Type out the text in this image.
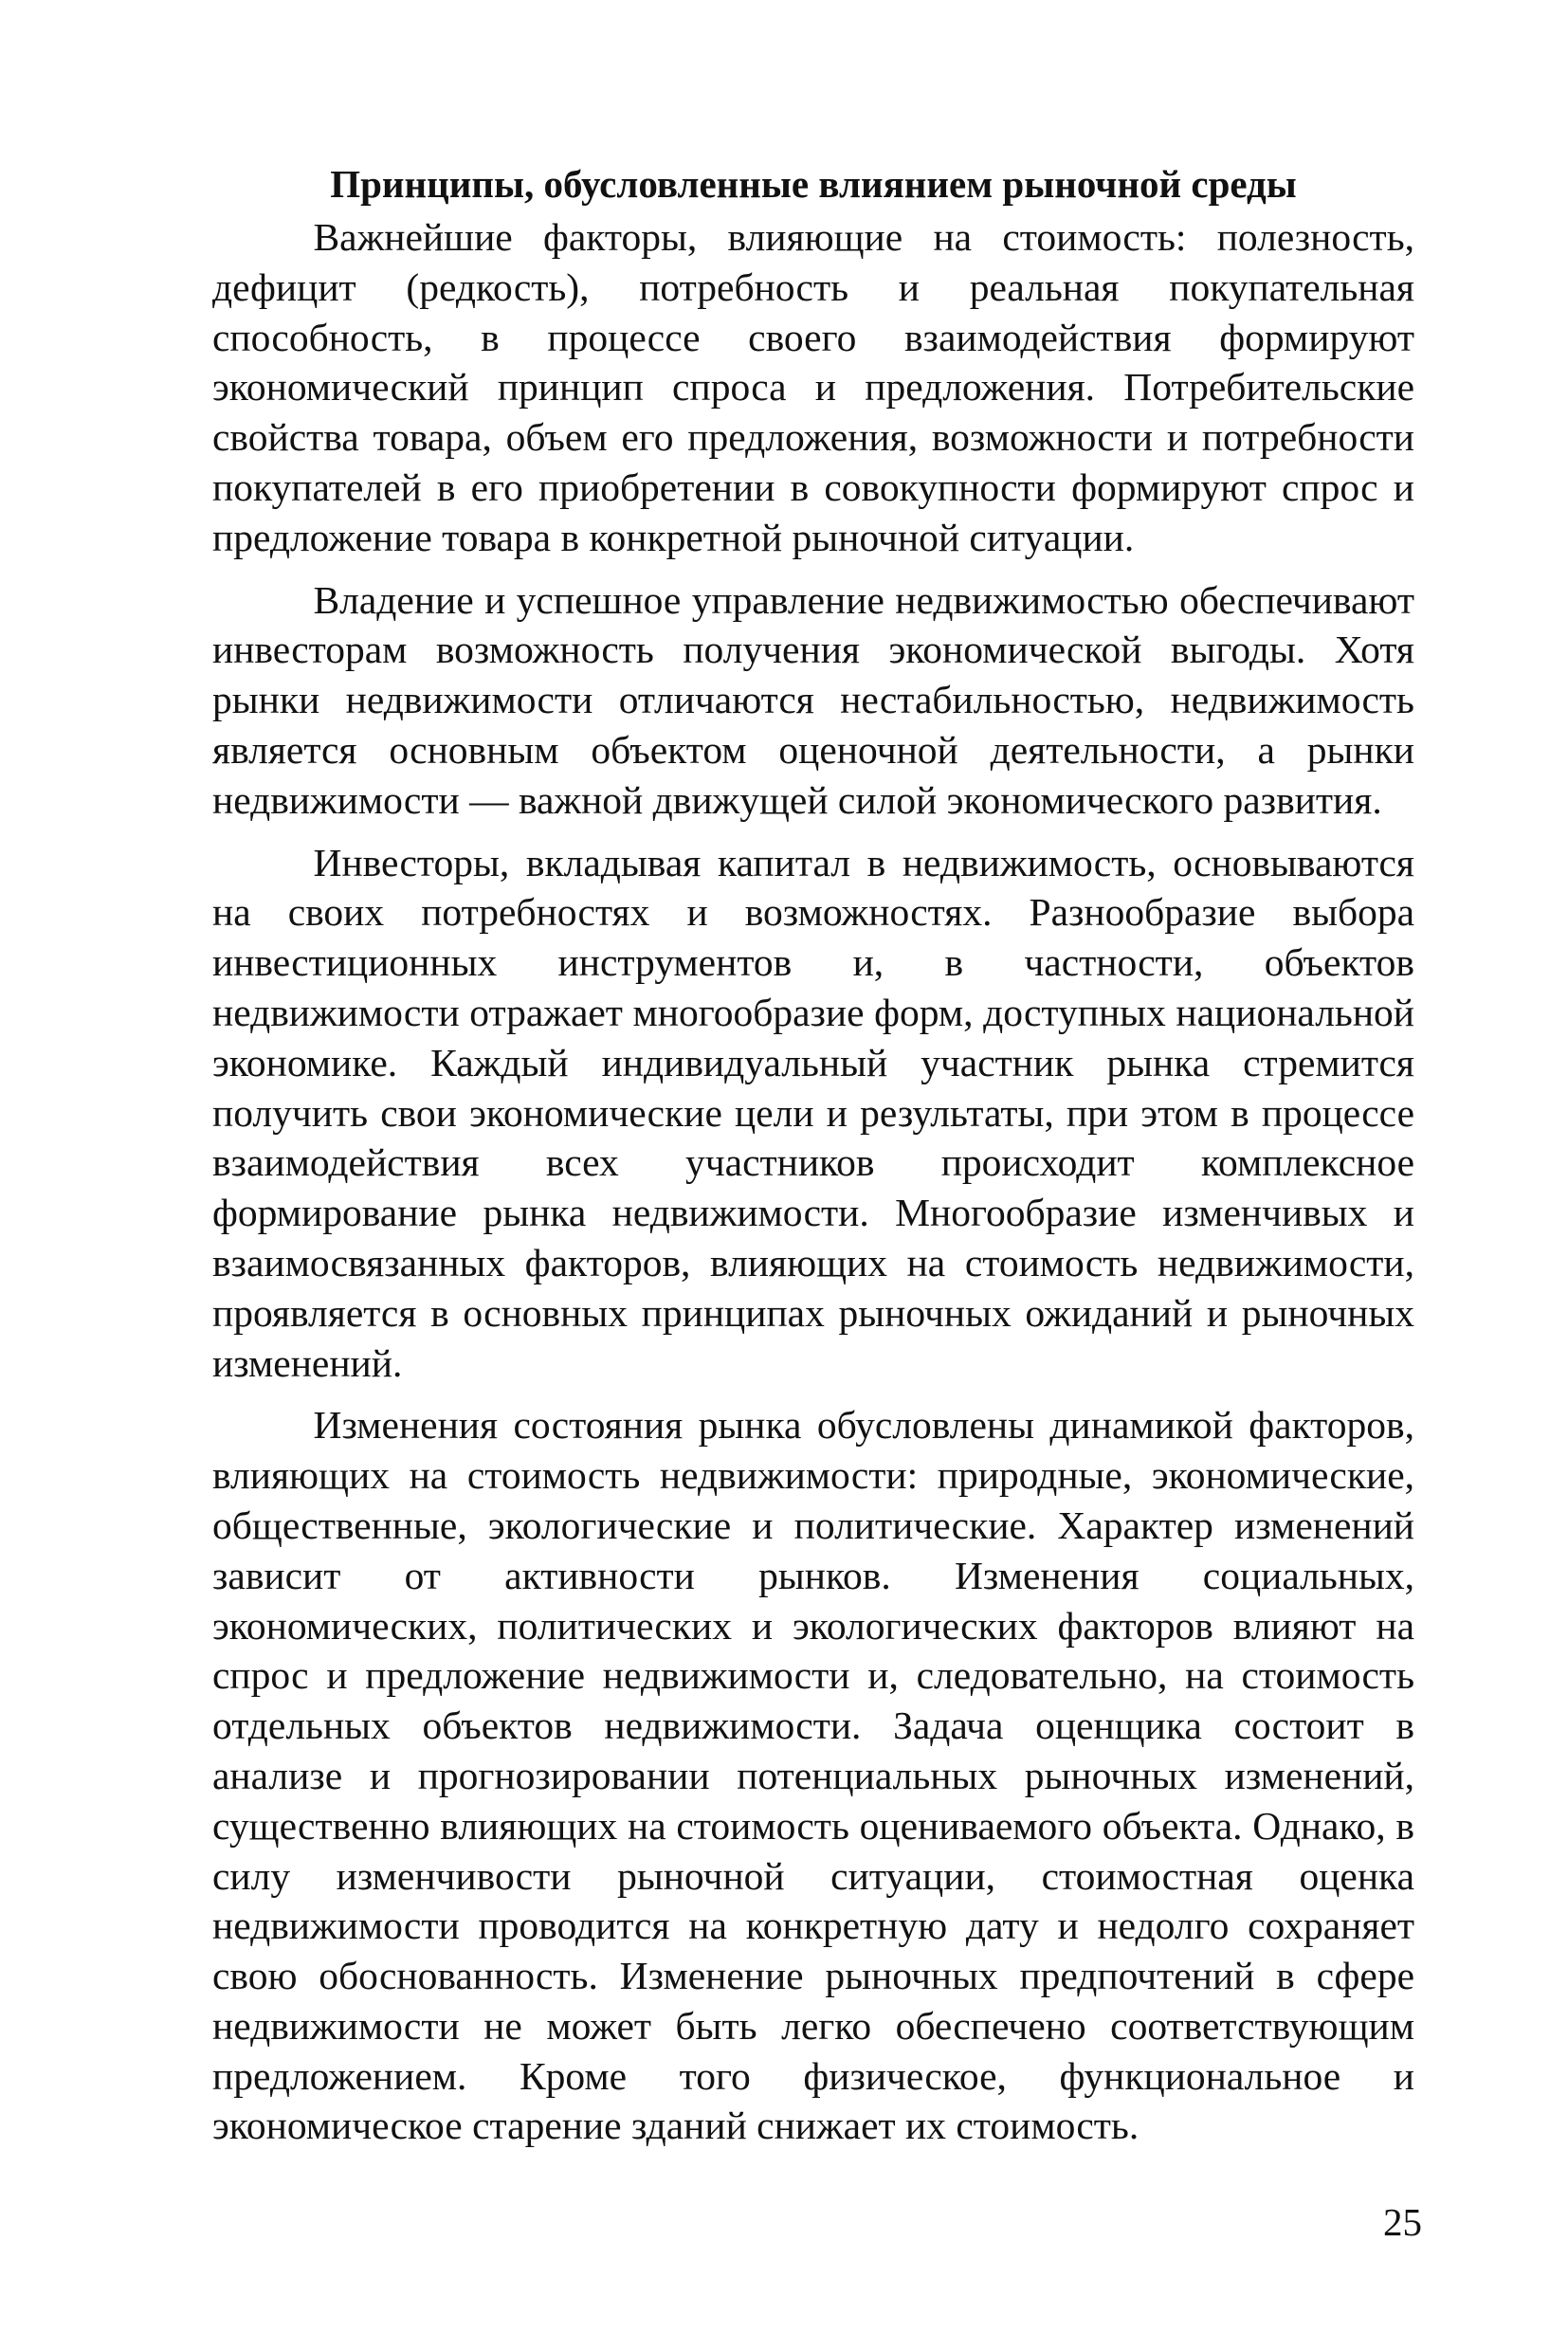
Принципы, обусловленные влиянием рыночной среды

Важнейшие факторы, влияющие на стоимость: полезность, дефицит (редкость), потребность и реальная покупательная способность, в процессе своего взаимодействия формируют экономический принцип спроса и предложения. Потребительские свойства товара, объем его предложения, возможности и потребности покупателей в его приобретении в совокупности формируют спрос и предложение товара в конкретной рыночной ситуации.

Владение и успешное управление недвижимостью обеспечивают инвесторам возможность получения экономической выгоды. Хотя рынки недвижимости отличаются нестабильностью, недвижимость является основным объектом оценочной деятельности, а рынки недвижимости — важной движущей силой экономического развития.

Инвесторы, вкладывая капитал в недвижимость, основываются на своих потребностях и возможностях. Разнообразие выбора инвестиционных инструментов и, в частности, объектов недвижимости отражает многообразие форм, доступных национальной экономике. Каждый индивидуальный участник рынка стремится получить свои экономические цели и результаты, при этом в процессе взаимодействия всех участников происходит комплексное формирование рынка недвижимости. Многообразие изменчивых и взаимосвязанных факторов, влияющих на стоимость недвижимости, проявляется в основных принципах рыночных ожиданий и рыночных изменений.

Изменения состояния рынка обусловлены динамикой факторов, влияющих на стоимость недвижимости: природные, экономические, общественные, экологические и политические. Характер изменений зависит от активности рынков. Изменения социальных, экономических, политических и экологических факторов влияют на спрос и предложение недвижимости и, следовательно, на стоимость отдельных объектов недвижимости. Задача оценщика состоит в анализе и прогнозировании потенциальных рыночных изменений, существенно влияющих на стоимость оцениваемого объекта. Однако, в силу изменчивости рыночной ситуации, стоимостная оценка недвижимости проводится на конкретную дату и недолго сохраняет свою обоснованность. Изменение рыночных предпочтений в сфере недвижимости не может быть легко обеспечено соответствующим предложением. Кроме того физическое, функциональное и экономическое старение зданий снижает их стоимость.

25
